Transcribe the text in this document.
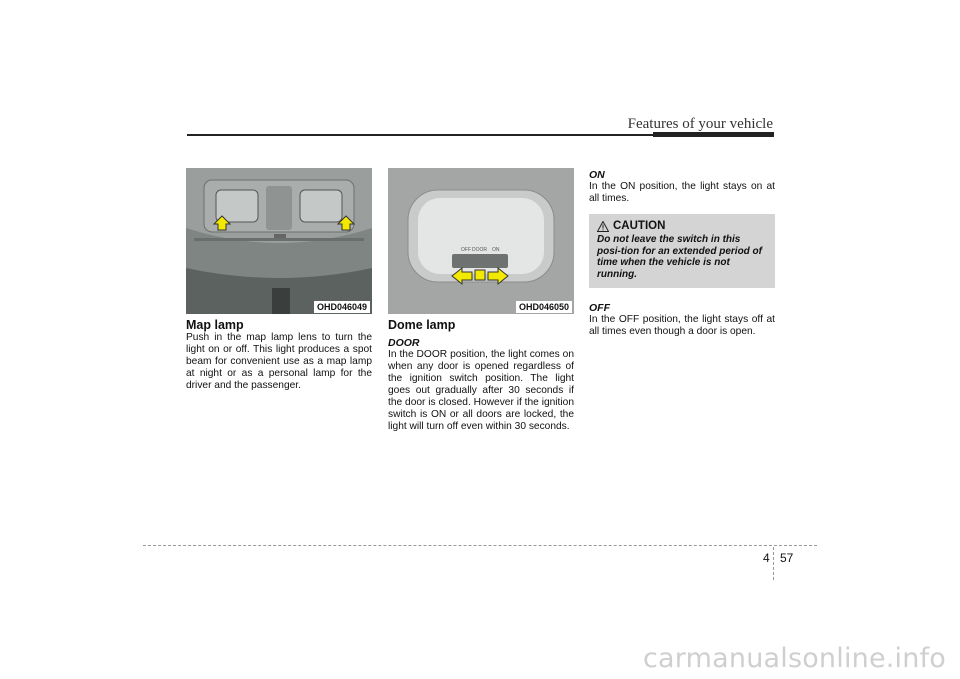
Features of your vehicle
OHD046049
Map lamp

Push in the map lamp lens to turn the light on or off. This light produces a spot beam for convenient use as a map lamp at night or as a personal lamp for the driver and the passenger.

OFF DOOR ON
OHD046050
Dome lamp
DOOR

In the DOOR position, the light comes on when any door is opened regardless of the ignition switch position. The light goes out gradually after 30 seconds if the door is closed. However if the ignition switch is ON or all doors are locked, the light will turn off even within 30 seconds.

ON

In the ON position, the light stays on at all times.

CAUTION
Do not leave the switch in this posi-tion for an extended period of time when the vehicle is not running.
OFF

In the OFF position, the light stays off at all times even though a door is open.

4 57
carmanualsonline.info
